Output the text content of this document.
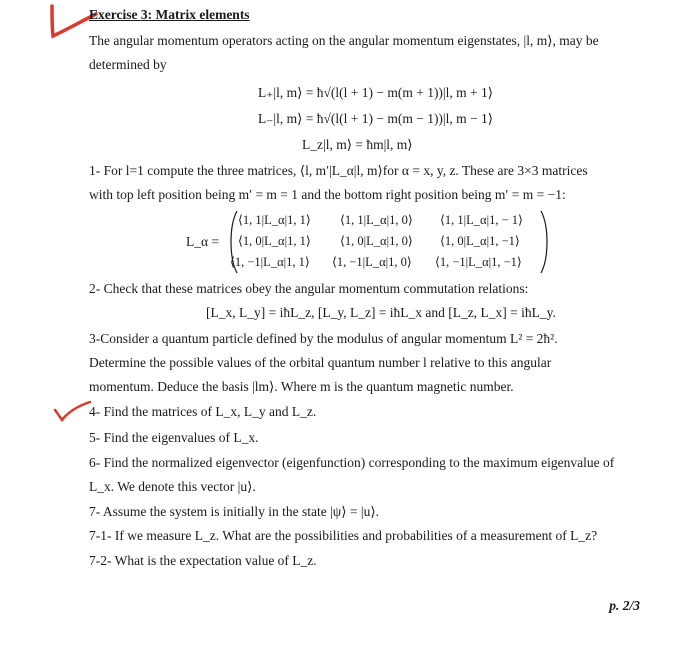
Exercise 3: Matrix elements
The angular momentum operators acting on the angular momentum eigenstates, |l, m⟩, may be
determined by
L₊|l, m⟩ = ħ√(l(l + 1) − m(m + 1))|l, m + 1⟩
L₋|l, m⟩ = ħ√(l(l + 1) − m(m − 1))|l, m − 1⟩
L_z|l, m⟩ = ħm|l, m⟩
1- For l=1 compute the three matrices, ⟨l, m′|L_α|l, m⟩for α = x, y, z. These are 3×3 matrices
with top left position being m′ = m = 1 and the bottom right position being m′ = m = −1:
L_α =
⟨1, 1|L_α|1, 1⟩ ⟨1, 1|L_α|1, 0⟩ ⟨1, 1|L_α|1, − 1⟩
⟨1, 0|L_α|1, 1⟩ ⟨1, 0|L_α|1, 0⟩ ⟨1, 0|L_α|1, −1⟩
⟨1, −1|L_α|1, 1⟩ ⟨1, −1|L_α|1, 0⟩ ⟨1, −1|L_α|1, −1⟩
2- Check that these matrices obey the angular momentum commutation relations:
[L_x, L_y] = iħL_z, [L_y, L_z] = iħL_x and [L_z, L_x] = iħL_y.
3-Consider a quantum particle defined by the modulus of angular momentum L² = 2ħ².
Determine the possible values of the orbital quantum number l relative to this angular
momentum. Deduce the basis |lm⟩. Where m is the quantum magnetic number.
4- Find the matrices of L_x, L_y and L_z.
5- Find the eigenvalues of L_x.
6- Find the normalized eigenvector (eigenfunction) corresponding to the maximum eigenvalue of
L_x. We denote this vector |u⟩.
7- Assume the system is initially in the state |ψ⟩ = |u⟩.
7-1- If we measure L_z. What are the possibilities and probabilities of a measurement of L_z?
7-2- What is the expectation value of L_z.
p. 2/3
